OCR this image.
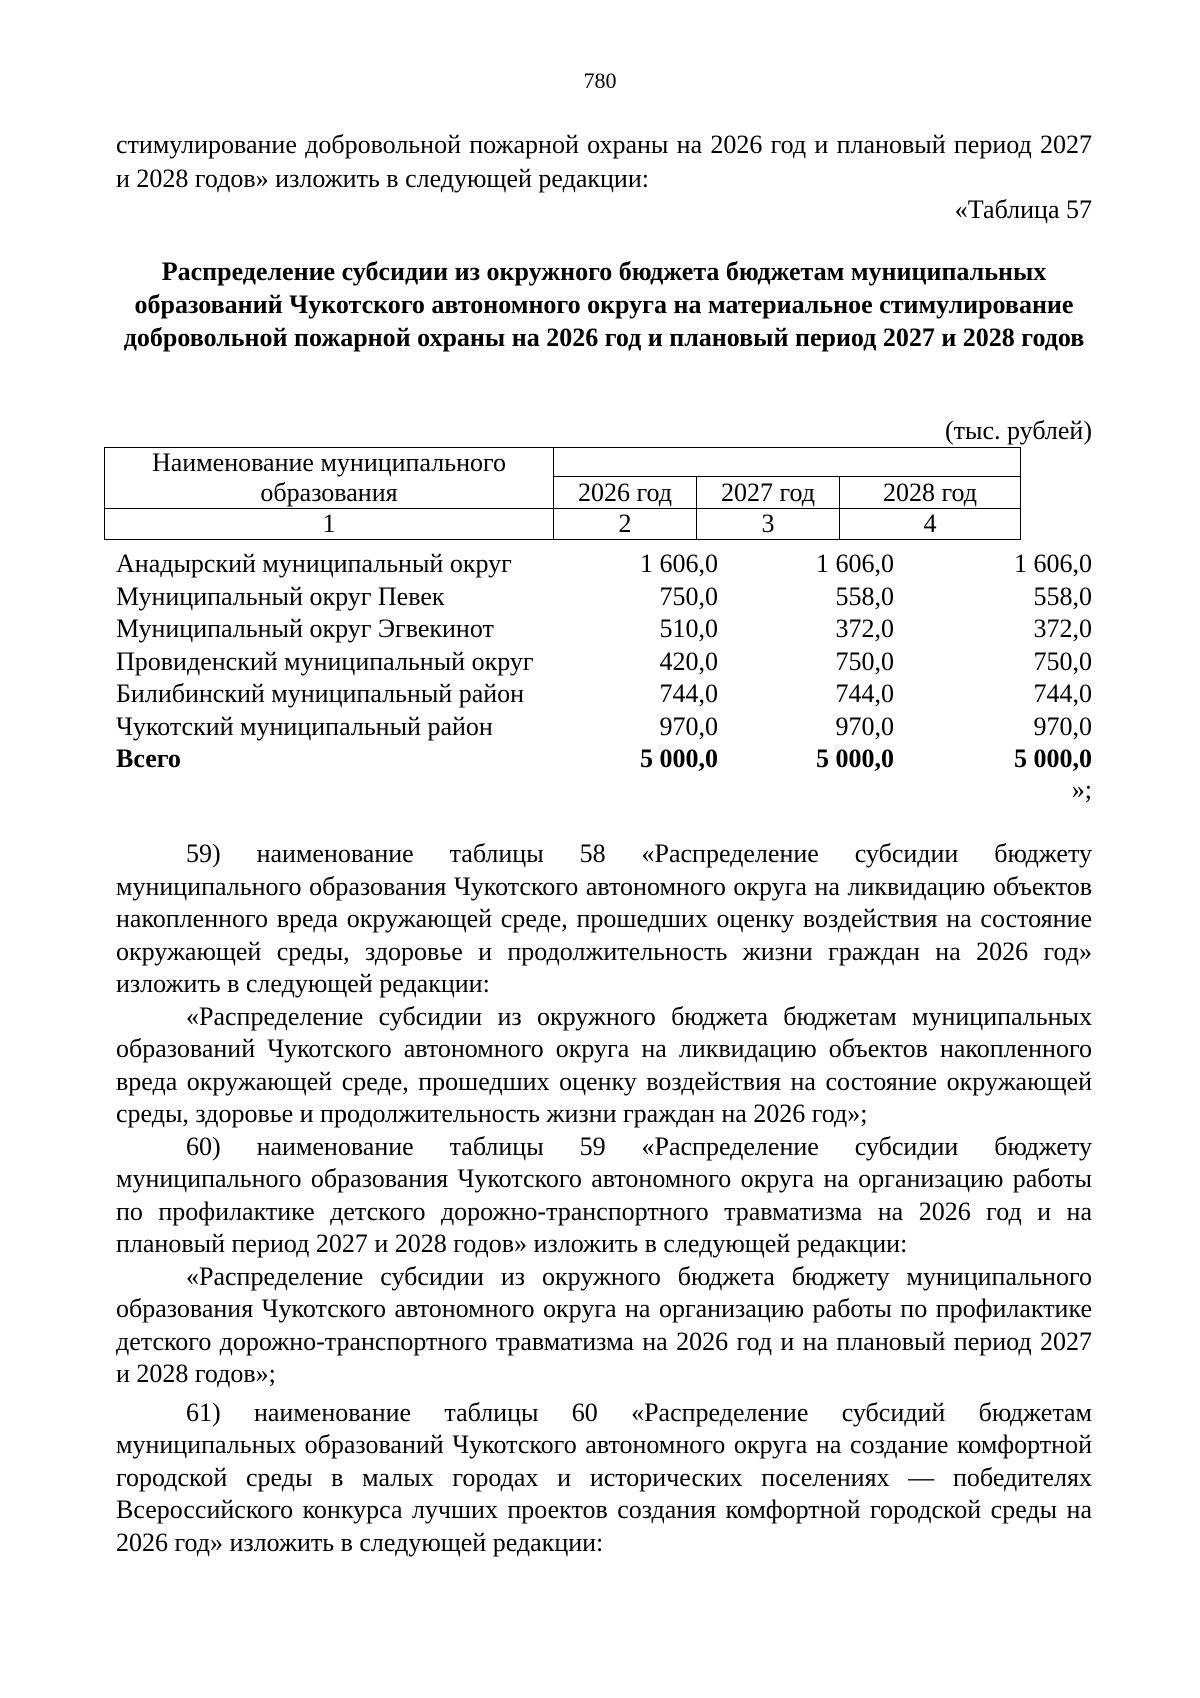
780
стимулирование добровольной пожарной охраны на 2026 год и плановый период 2027 и 2028 годов» изложить в следующей редакции:
«Таблица 57
Распределение субсидии из окружного бюджета бюджетам муниципальных образований Чукотского автономного округа на материальное стимулирование добровольной пожарной охраны на 2026 год и плановый период 2027 и 2028 годов
(тыс. рублей)
Наименование муниципального образования			
	2026 год	2027 год	2028 год
1	2	3	4
Анадырский муниципальный округ	1 606,0	1 606,0	1 606,0
Муниципальный округ Певек	750,0	558,0	558,0
Муниципальный округ Эгвекинот	510,0	372,0	372,0
Провиденский муниципальный округ	420,0	750,0	750,0
Билибинский муниципальный район	744,0	744,0	744,0
Чукотский муниципальный район	970,0	970,0	970,0
Всего	5 000,0	5 000,0	5 000,0
»;

59) наименование таблицы 58 «Распределение субсидии бюджету муниципального образования Чукотского автономного округа на ликвидацию объектов накопленного вреда окружающей среде, прошедших оценку воздействия на состояние окружающей среды, здоровье и продолжительность жизни граждан на 2026 год» изложить в следующей редакции:

«Распределение субсидии из окружного бюджета бюджетам муниципальных образований Чукотского автономного округа на ликвидацию объектов накопленного вреда окружающей среде, прошедших оценку воздействия на состояние окружающей среды, здоровье и продолжительность жизни граждан на 2026 год»;

60) наименование таблицы 59 «Распределение субсидии бюджету муниципального образования Чукотского автономного округа на организацию работы по профилактике детского дорожно-транспортного травматизма на 2026 год и на плановый период 2027 и 2028 годов» изложить в следующей редакции:

«Распределение субсидии из окружного бюджета бюджету муниципального образования Чукотского автономного округа на организацию работы по профилактике детского дорожно-транспортного травматизма на 2026 год и на плановый период 2027 и 2028 годов»;

61) наименование таблицы 60 «Распределение субсидий бюджетам муниципальных образований Чукотского автономного округа на создание комфортной городской среды в малых городах и исторических поселениях — победителях Всероссийского конкурса лучших проектов создания комфортной городской среды на 2026 год» изложить в следующей редакции:
